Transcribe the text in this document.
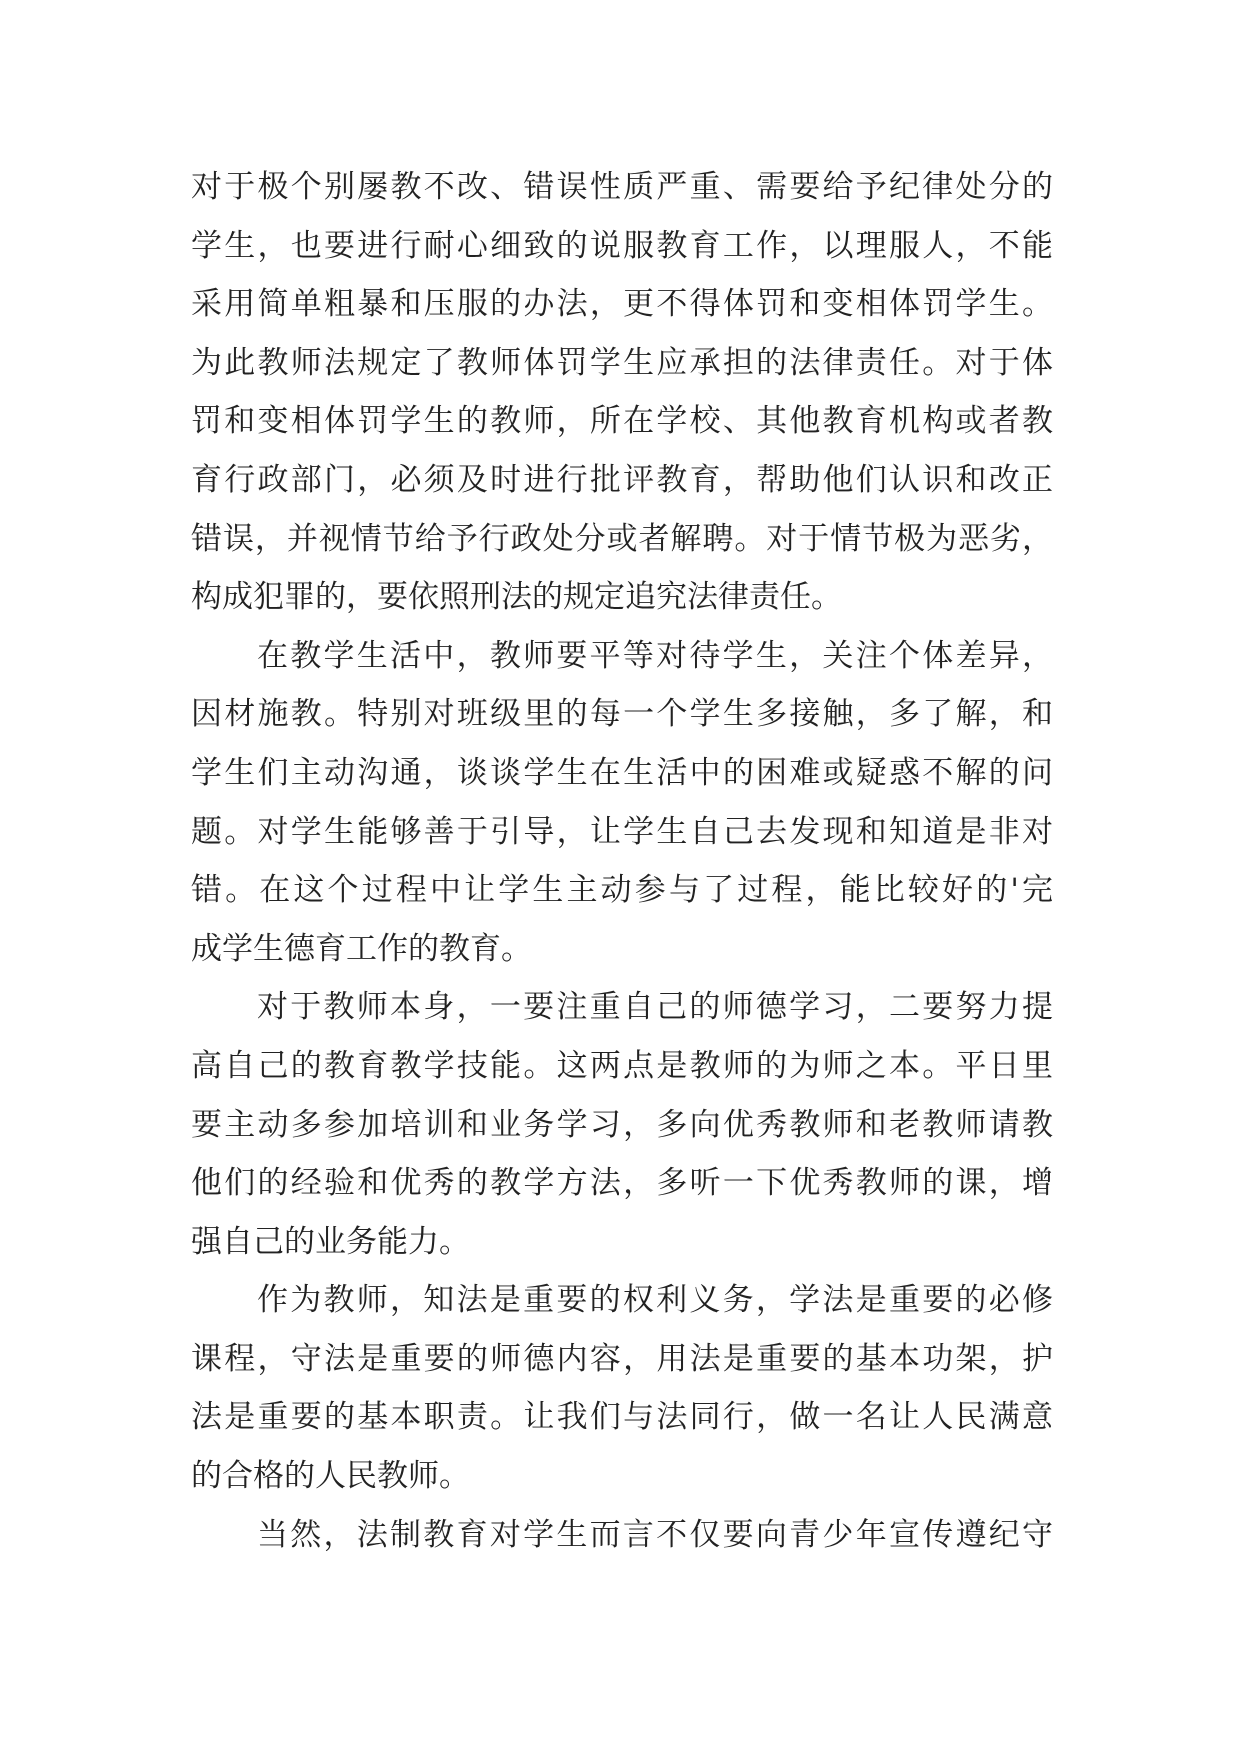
对于极个别屡教不改、错误性质严重、需要给予纪律处分的
学生，也要进行耐心细致的说服教育工作，以理服人，不能
采用简单粗暴和压服的办法，更不得体罚和变相体罚学生。
为此教师法规定了教师体罚学生应承担的法律责任。对于体
罚和变相体罚学生的教师，所在学校、其他教育机构或者教
育行政部门，必须及时进行批评教育，帮助他们认识和改正
错误，并视情节给予行政处分或者解聘。对于情节极为恶劣，
构成犯罪的，要依照刑法的规定追究法律责任。
在教学生活中，教师要平等对待学生，关注个体差异，
因材施教。特别对班级里的每一个学生多接触，多了解，和
学生们主动沟通，谈谈学生在生活中的困难或疑惑不解的问
题。对学生能够善于引导，让学生自己去发现和知道是非对
错。在这个过程中让学生主动参与了过程，能比较好的'完
成学生德育工作的教育。
对于教师本身，一要注重自己的师德学习，二要努力提
高自己的教育教学技能。这两点是教师的为师之本。平日里
要主动多参加培训和业务学习，多向优秀教师和老教师请教
他们的经验和优秀的教学方法，多听一下优秀教师的课，增
强自己的业务能力。
作为教师，知法是重要的权利义务，学法是重要的必修
课程，守法是重要的师德内容，用法是重要的基本功架，护
法是重要的基本职责。让我们与法同行，做一名让人民满意
的合格的人民教师。
当然，法制教育对学生而言不仅要向青少年宣传遵纪守
